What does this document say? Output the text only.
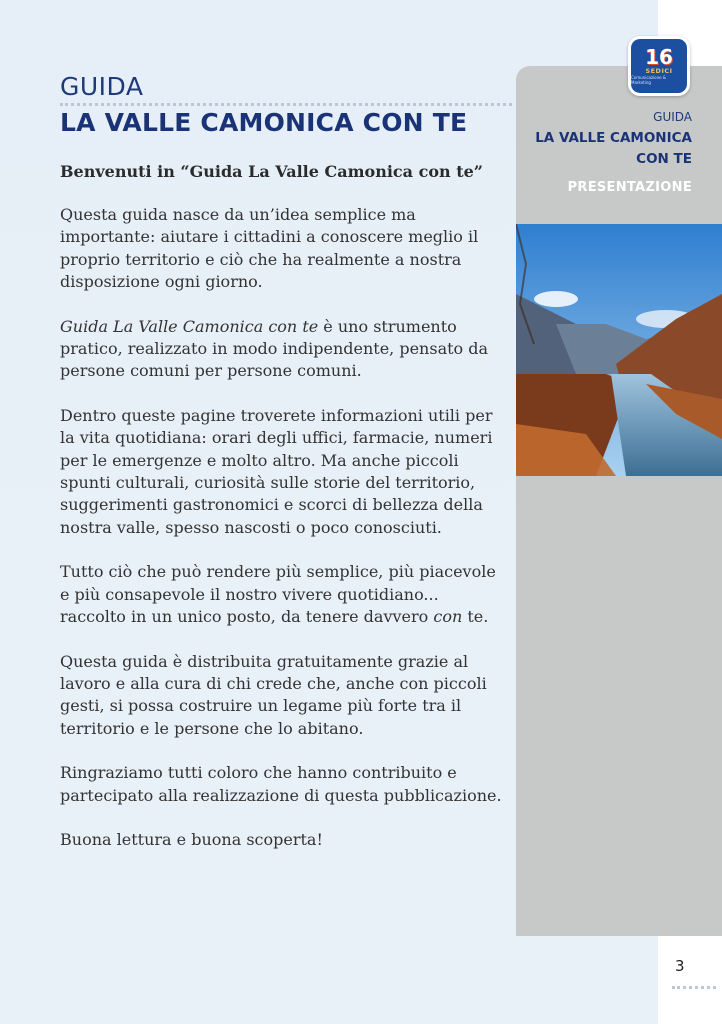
GUIDA
LA VALLE CAMONICA CON TE
Benvenuti in “Guida La Valle Camonica con te”

Questa guida nasce da un’idea semplice ma importante: aiutare i cittadini a conoscere meglio il proprio territorio e ciò che ha realmente a nostra disposizione ogni giorno.

Guida La Valle Camonica con te è uno strumento pratico, realizzato in modo indipendente, pensato da persone comuni per persone comuni.

Dentro queste pagine troverete informazioni utili per la vita quotidiana: orari degli uffici, farmacie, numeri per le emergenze e molto altro. Ma anche piccoli spunti culturali, curiosità sulle storie del territorio, suggerimenti gastronomici e scorci di bellezza della nostra valle, spesso nascosti o poco conosciuti.

Tutto ciò che può rendere più semplice, più piacevole e più consapevole il nostro vivere quotidiano... raccolto in un unico posto, da tenere davvero con te.

Questa guida è distribuita gratuitamente grazie al lavoro e alla cura di chi crede che, anche con piccoli gesti, si possa costruire un legame più forte tra il territorio e le persone che lo abitano.

Ringraziamo tutti coloro che hanno contribuito e partecipato alla realizzazione di questa pubblicazione.

Buona lettura e buona scoperta!

GUIDA
LA VALLE CAMONICA CON TE
PRESENTAZIONE
16
SEDICI
Comunicazione & Marketing
3
